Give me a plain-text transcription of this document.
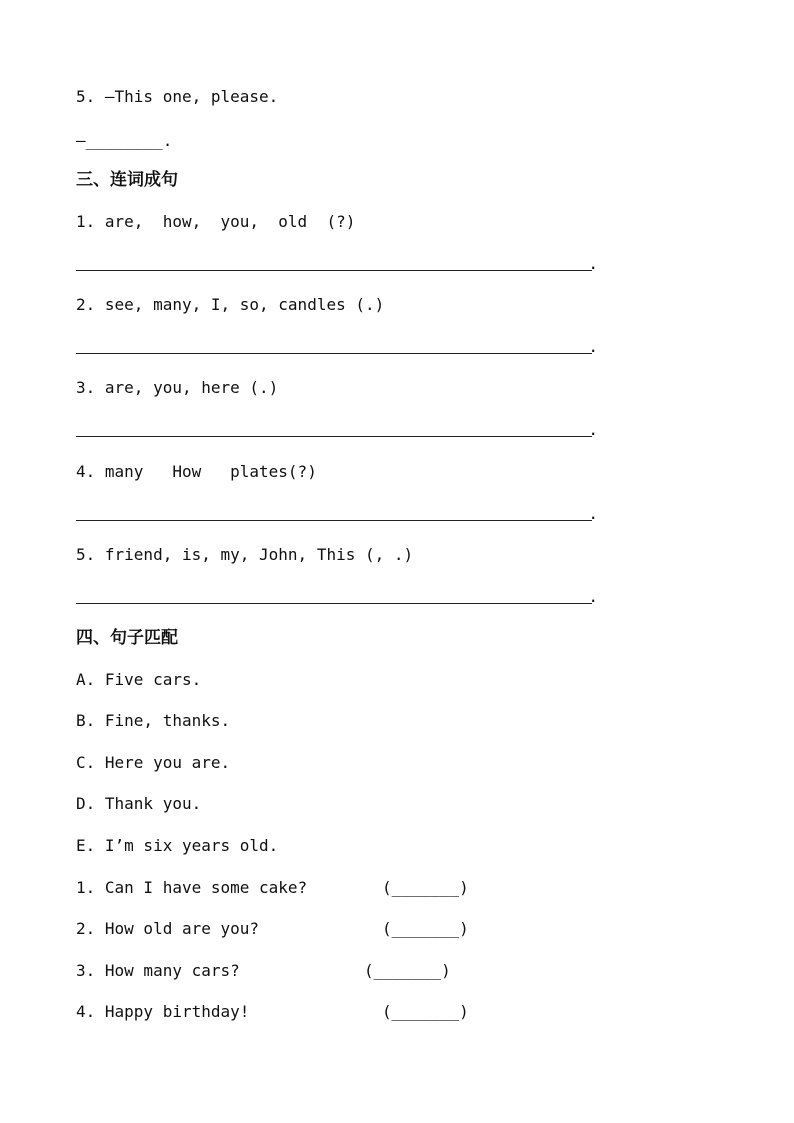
5. —This one, please.
—________.
三、连词成句
1. are,  how,  you,  old  (?)
.
2. see, many, I, so, candles (.)
.
3. are, you, here (.)
.
4. many   How   plates(?)
.
5. friend, is, my, John, This (, .)
.
四、句子匹配
A. Five cars.
B. Fine, thanks.
C. Here you are.
D. Thank you.
E. I’m six years old.
1. Can I have some cake?	(_______)
2. How old are you?	(_______)
3. How many cars?	(_______)
4. Happy birthday!	(_______)
